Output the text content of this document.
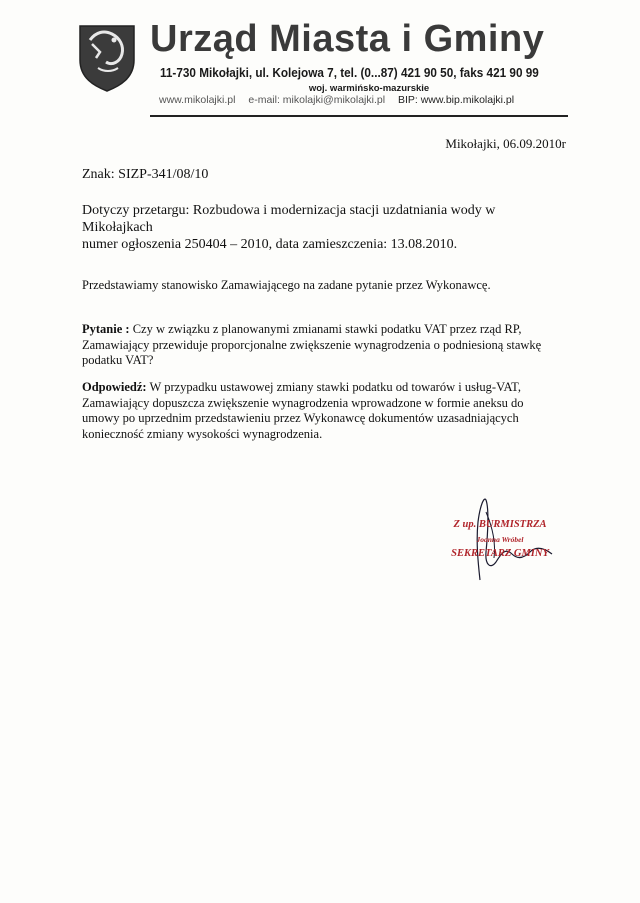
Urząd Miasta i Gminy
11-730 Mikołajki, ul. Kolejowa 7, tel. (0...87) 421 90 50, faks 421 90 99
woj. warmińsko-mazurskie
www.mikolajki.pl e-mail: mikolajki@mikolajki.pl BIP: www.bip.mikolajki.pl
Mikołajki, 06.09.2010r
Znak: SIZP-341/08/10
Dotyczy przetargu: Rozbudowa i modernizacja stacji uzdatniania wody w Mikołajkach
numer ogłoszenia 250404 – 2010, data zamieszczenia: 13.08.2010.
Przedstawiamy stanowisko Zamawiającego na zadane pytanie przez Wykonawcę.
Pytanie : Czy w związku z planowanymi zmianami stawki podatku VAT przez rząd RP, Zamawiający przewiduje proporcjonalne zwiększenie wynagrodzenia o podniesioną stawkę podatku VAT?
Odpowiedź: W przypadku ustawowej zmiany stawki podatku od towarów i usług-VAT, Zamawiający dopuszcza zwiększenie wynagrodzenia wprowadzone w formie aneksu do umowy po uprzednim przedstawieniu przez Wykonawcę dokumentów uzasadniających konieczność zmiany wysokości wynagrodzenia.
Z up. BURMISTRZA
Joanna Wróbel
SEKRETARZ GMINY
